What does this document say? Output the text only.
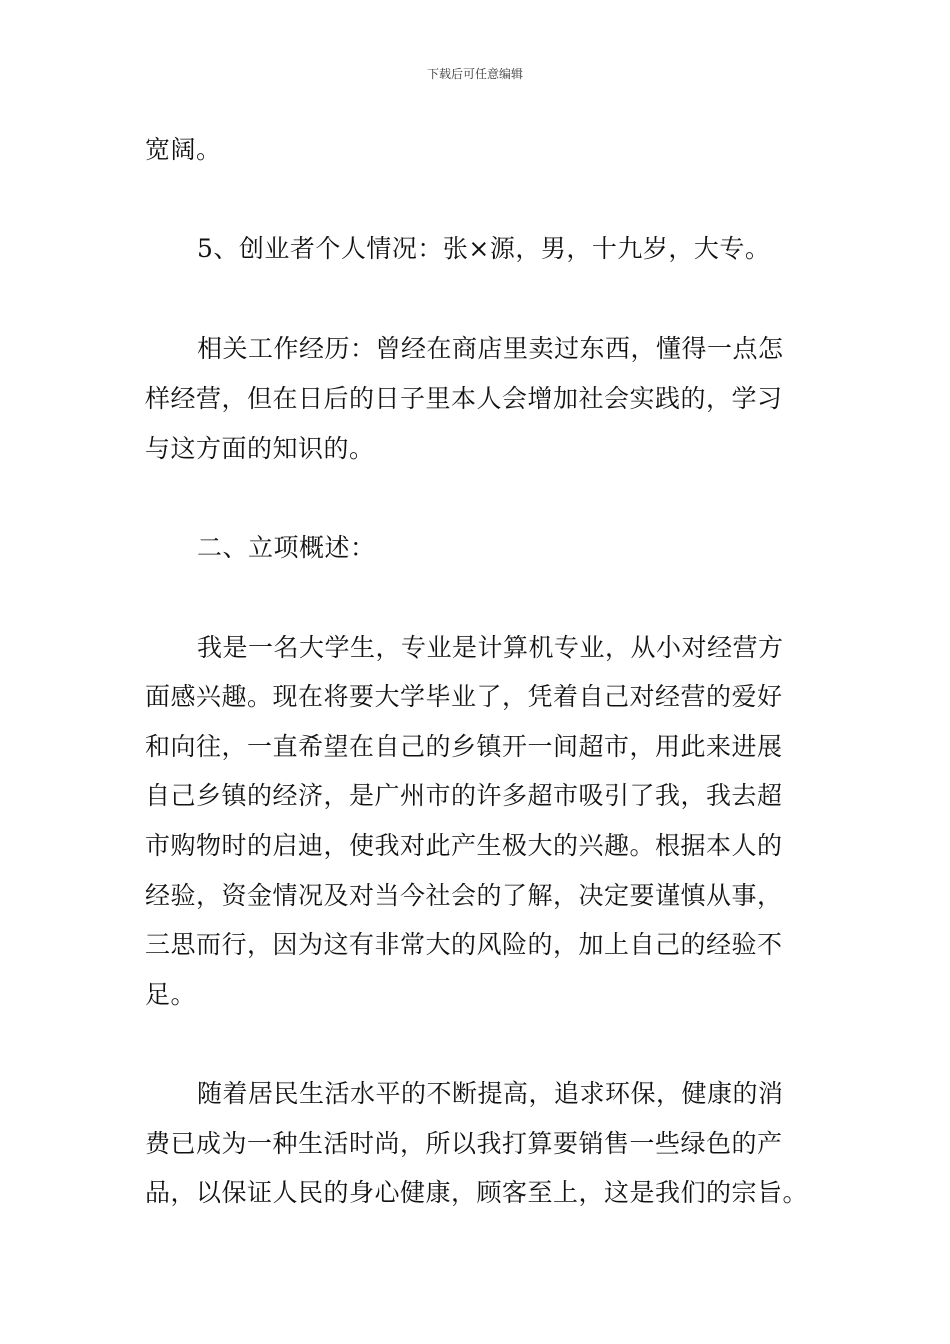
下载后可任意编辑
宽阔。
5、创业者个人情况：张×源，男，十九岁，大专。
相关工作经历：曾经在商店里卖过东西，懂得一点怎
样经营，但在日后的日子里本人会增加社会实践的，学习
与这方面的知识的。
二、立项概述：
我是一名大学生，专业是计算机专业，从小对经营方
面感兴趣。现在将要大学毕业了，凭着自己对经营的爱好
和向往，一直希望在自己的乡镇开一间超市，用此来进展
自己乡镇的经济，是广州市的许多超市吸引了我，我去超
市购物时的启迪，使我对此产生极大的兴趣。根据本人的
经验，资金情况及对当今社会的了解，决定要谨慎从事，
三思而行，因为这有非常大的风险的，加上自己的经验不
足。
随着居民生活水平的不断提高，追求环保，健康的消
费已成为一种生活时尚，所以我打算要销售一些绿色的产
品，以保证人民的身心健康，顾客至上，这是我们的宗旨。
